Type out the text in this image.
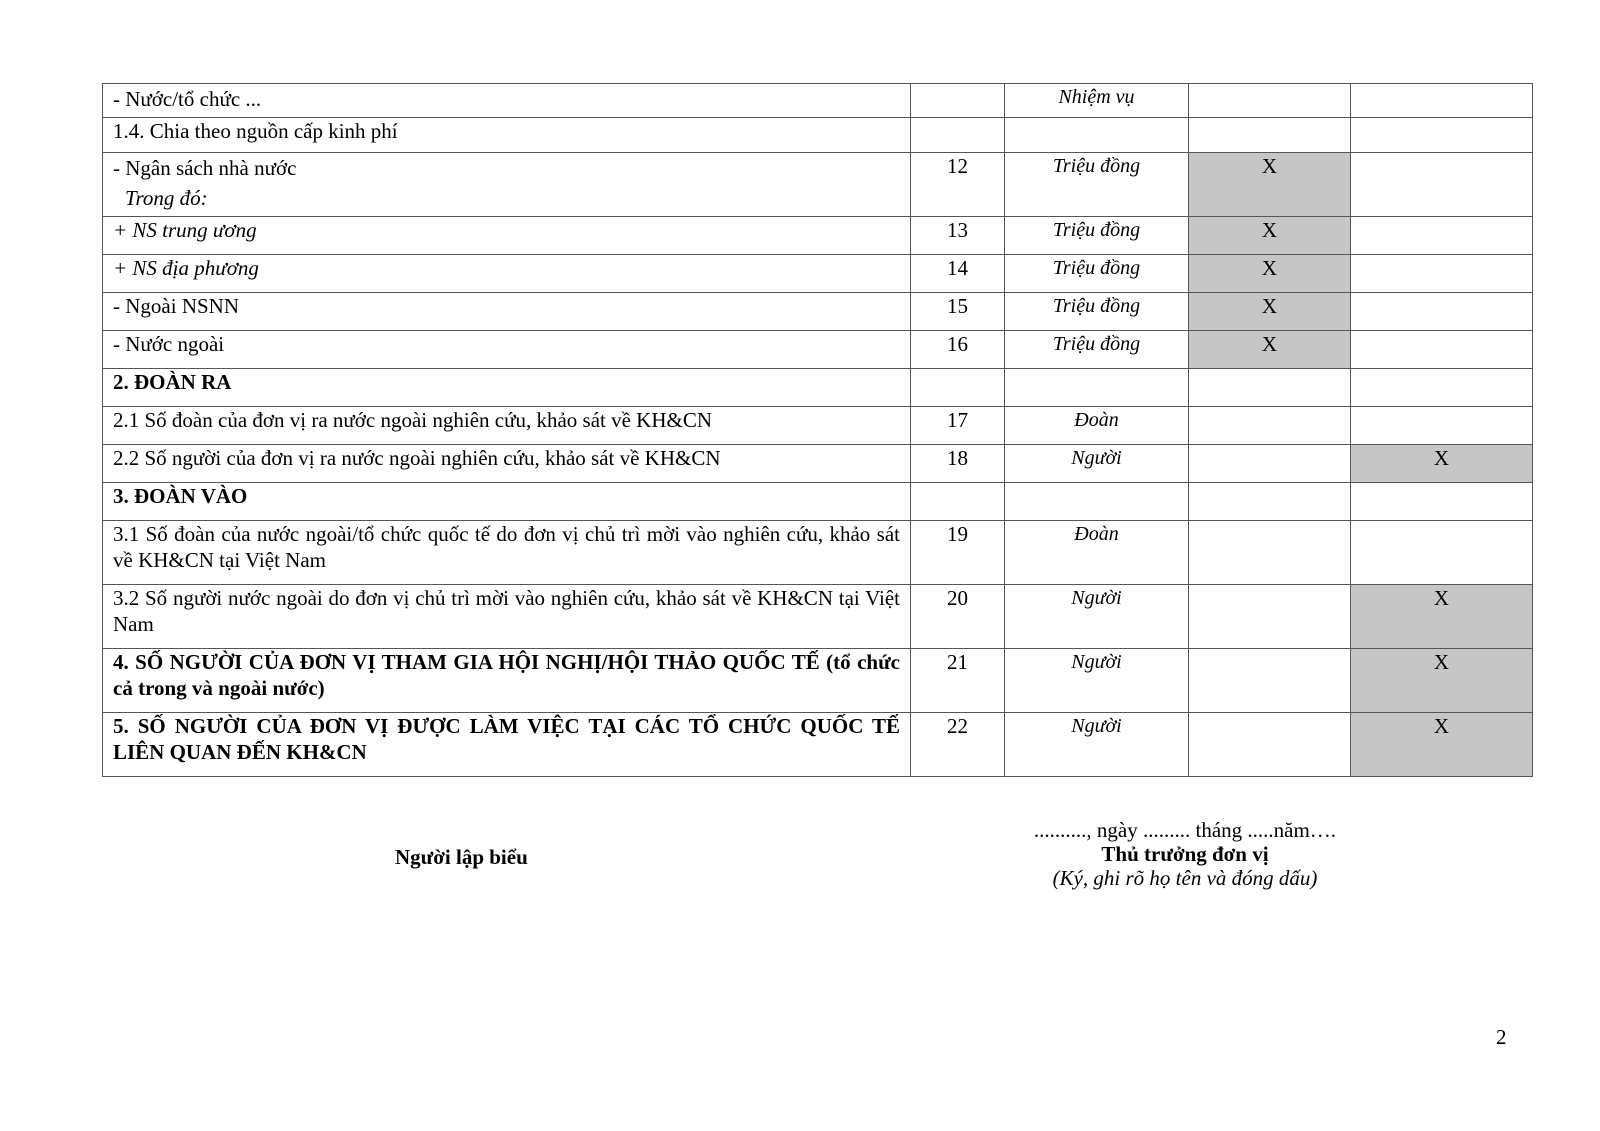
- Nước/tổ chức ...		Nhiệm vụ		
1.4. Chia theo nguồn cấp kinh phí				
- Ngân sách nhà nước
Trong đó:	12	Triệu đồng	X	
+ NS trung ương	13	Triệu đồng	X	
+ NS địa phương	14	Triệu đồng	X	
- Ngoài NSNN	15	Triệu đồng	X	
- Nước ngoài	16	Triệu đồng	X	
2. ĐOÀN RA				
2.1 Số đoàn của đơn vị ra nước ngoài nghiên cứu, khảo sát về KH&CN	17	Đoàn		
2.2 Số người của đơn vị ra nước ngoài nghiên cứu, khảo sát về KH&CN	18	Người		X
3. ĐOÀN VÀO				
3.1 Số đoàn của nước ngoài/tổ chức quốc tế do đơn vị chủ trì mời vào nghiên cứu, khảo sát về KH&CN tại Việt Nam	19	Đoàn		
3.2 Số người nước ngoài do đơn vị chủ trì mời vào nghiên cứu, khảo sát về KH&CN tại Việt Nam	20	Người		X
4. SỐ NGƯỜI CỦA ĐƠN VỊ THAM GIA HỘI NGHỊ/HỘI THẢO QUỐC TẾ (tổ chức cả trong và ngoài nước)	21	Người		X
5. SỐ NGƯỜI CỦA ĐƠN VỊ ĐƯỢC LÀM VIỆC TẠI CÁC TỔ CHỨC QUỐC TẾ LIÊN QUAN ĐẾN KH&CN	22	Người		X
Người lập biểu
.........., ngày ......... tháng .....năm….
Thủ trưởng đơn vị
(Ký, ghi rõ họ tên và đóng dấu)
2
